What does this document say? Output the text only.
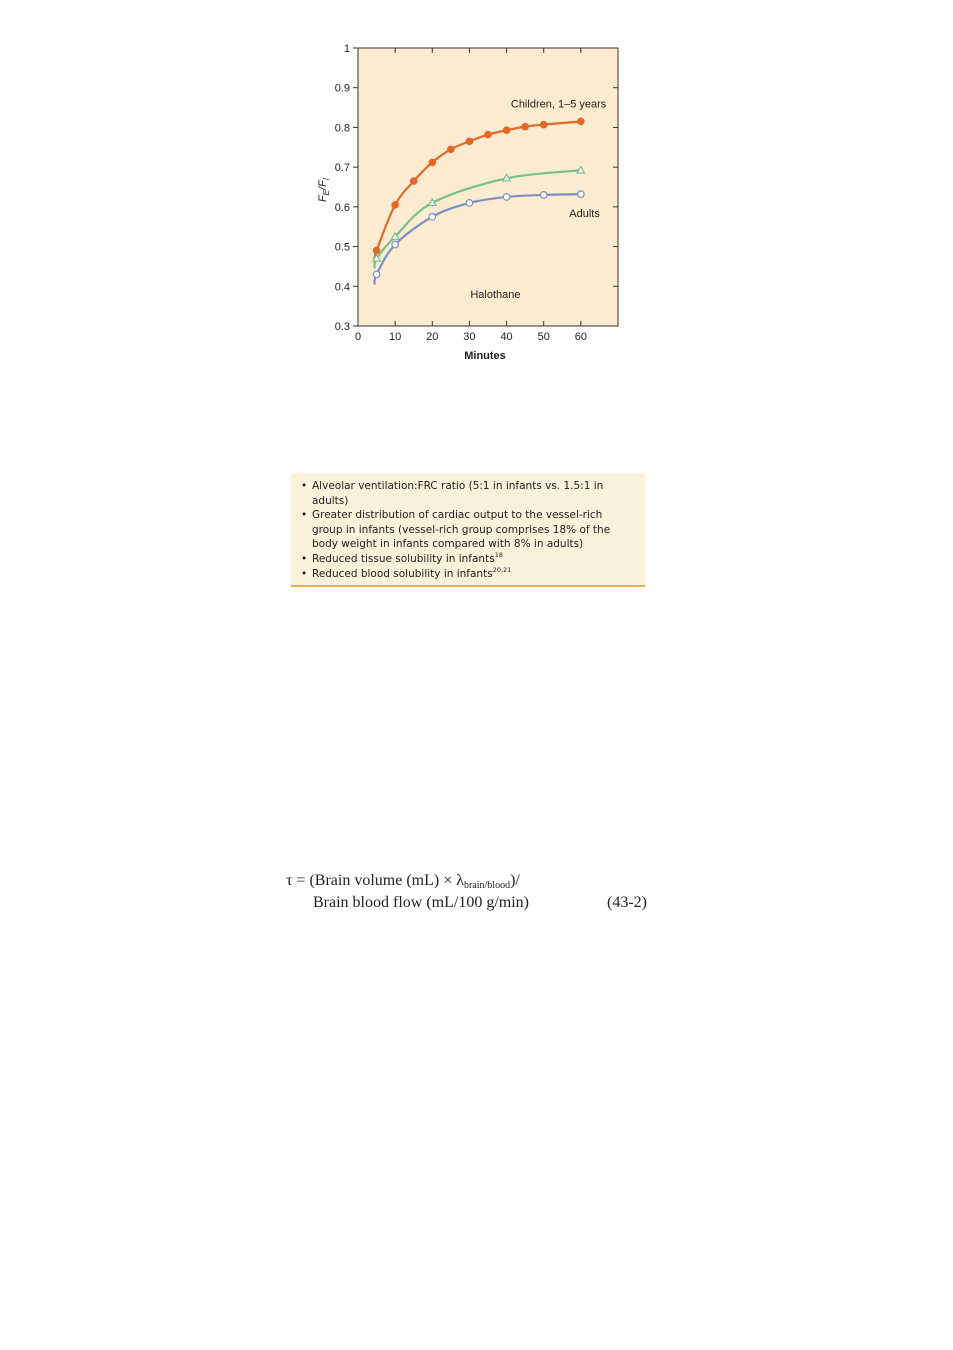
0	10 20 30 40 50 60
0.3
0.4
0.5
0.6
0.7
0.8
0.9
1
Halothane
Children, 1–5 years
Adults
Minutes
$F_E/F_I$
• Alveolar ventilation:FRC ratio (5:1 in infants vs. 1.5:1 in adults)
• Greater distribution of cardiac output to the vessel-rich group in infants (vessel-rich group comprises 18% of the body weight in infants compared with 8% in adults)
• Reduced tissue solubility in infants$^{18}$
• Reduced blood solubility in infants$^{20,21}$
τ = (Brain volume $(mL) \times \lambda_{brain/blood})/$
Brain blood flow (mL/100 g/min)	(43-2)
